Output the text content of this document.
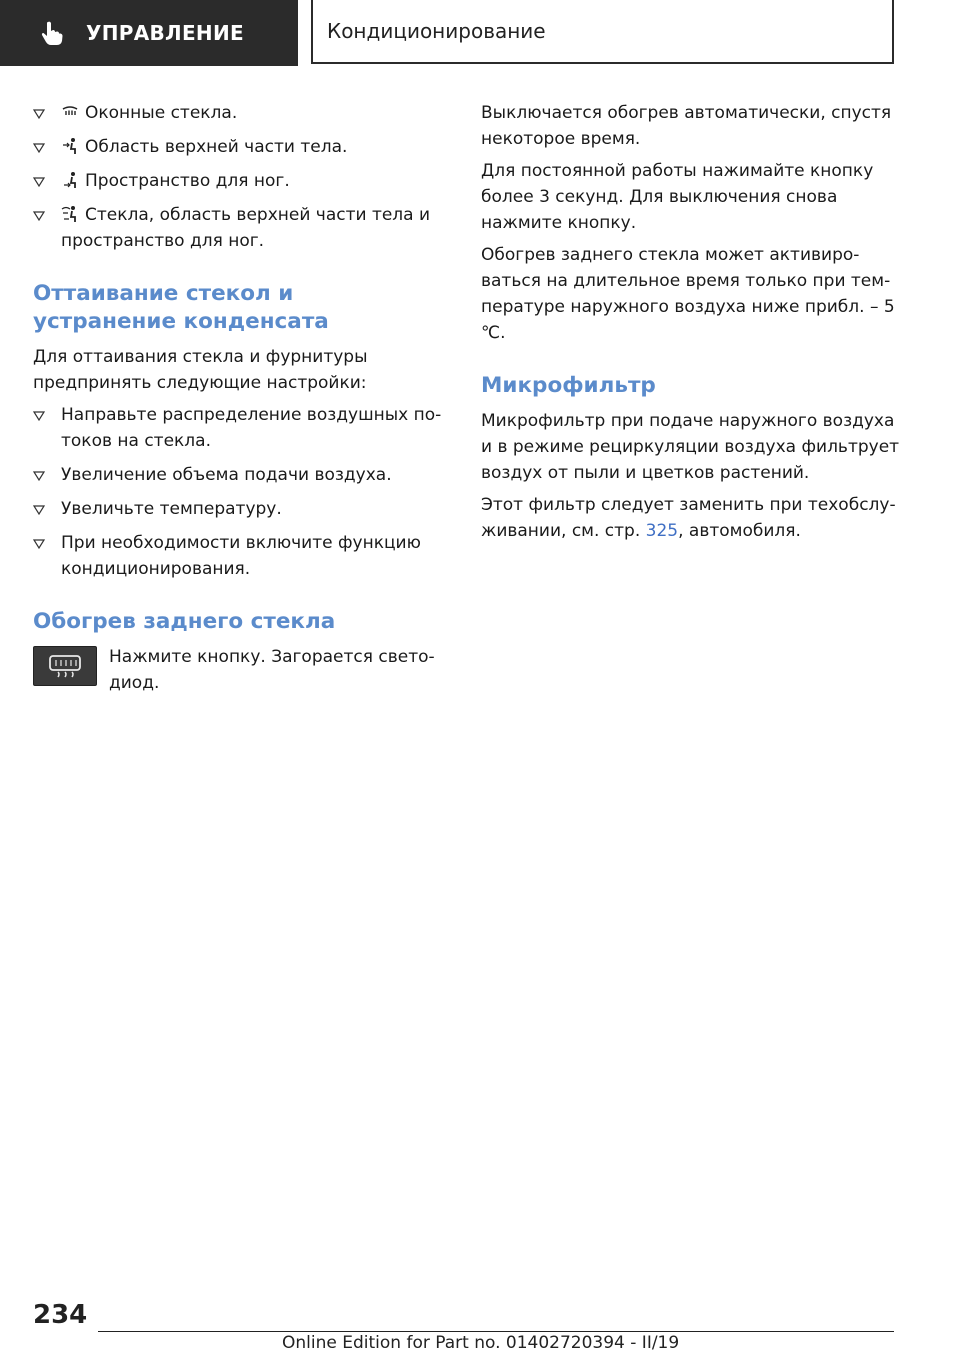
УПРАВЛЕНИЕ	Кондиционирование
Оконные стекла.
Область верхней части тела.
Пространство для ног.
Стекла, область верхней части тела и пространство для ног.
Оттаивание стекол и устранение конденсата

Для оттаивания стекла и фурнитуры предпринять следующие настройки:

Направьте распределение воздушных потоков на стекла.
Увеличение объема подачи воздуха.
Увеличьте температуру.
При необходимости включите функцию кондиционирования.
Обогрев заднего стекла

Нажмите кнопку. Загорается светодиод.

Выключается обогрев автоматически, спустя некоторое время.

Для постоянной работы нажимайте кнопку более 3 секунд. Для выключения снова нажмите кнопку.

Обогрев заднего стекла может активироваться на длительное время только при температуре наружного воздуха ниже прибл. – 5 ℃.

Микрофильтр

Микрофильтр при подаче наружного воздуха и в режиме рециркуляции воздуха фильтрует воздух от пыли и цветков растений.

Этот фильтр следует заменить при техобслуживании, см. стр. 325, автомобиля.

234
Online Edition for Part no. 01402720394 - II/19
